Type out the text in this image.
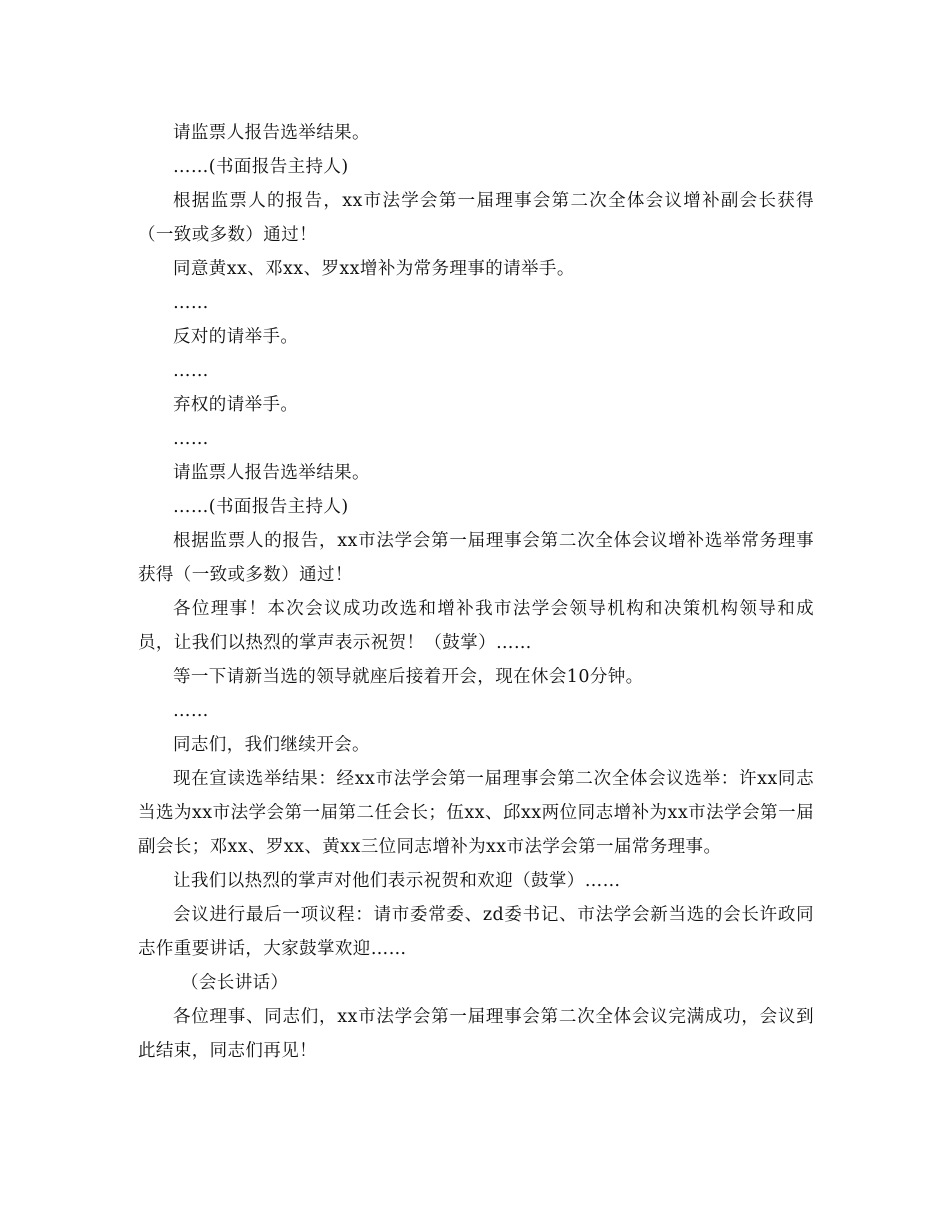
请监票人报告选举结果。

……(书面报告主持人)

根据监票人的报告，xx市法学会第一届理事会第二次全体会议增补副会长获得（一致或多数）通过！

同意黄xx、邓xx、罗xx增补为常务理事的请举手。

……

反对的请举手。

……

弃权的请举手。

……

请监票人报告选举结果。

……(书面报告主持人)

根据监票人的报告，xx市法学会第一届理事会第二次全体会议增补选举常务理事获得（一致或多数）通过！

各位理事！本次会议成功改选和增补我市法学会领导机构和决策机构领导和成员，让我们以热烈的掌声表示祝贺！（鼓掌）……

等一下请新当选的领导就座后接着开会，现在休会10分钟。

……

同志们，我们继续开会。

现在宣读选举结果：经xx市法学会第一届理事会第二次全体会议选举：许xx同志当选为xx市法学会第一届第二任会长；伍xx、邱xx两位同志增补为xx市法学会第一届副会长；邓xx、罗xx、黄xx三位同志增补为xx市法学会第一届常务理事。

让我们以热烈的掌声对他们表示祝贺和欢迎（鼓掌）……

会议进行最后一项议程：请市委常委、zd委书记、市法学会新当选的会长许政同志作重要讲话，大家鼓掌欢迎……

（会长讲话）

各位理事、同志们，xx市法学会第一届理事会第二次全体会议完满成功，会议到此结束，同志们再见！
